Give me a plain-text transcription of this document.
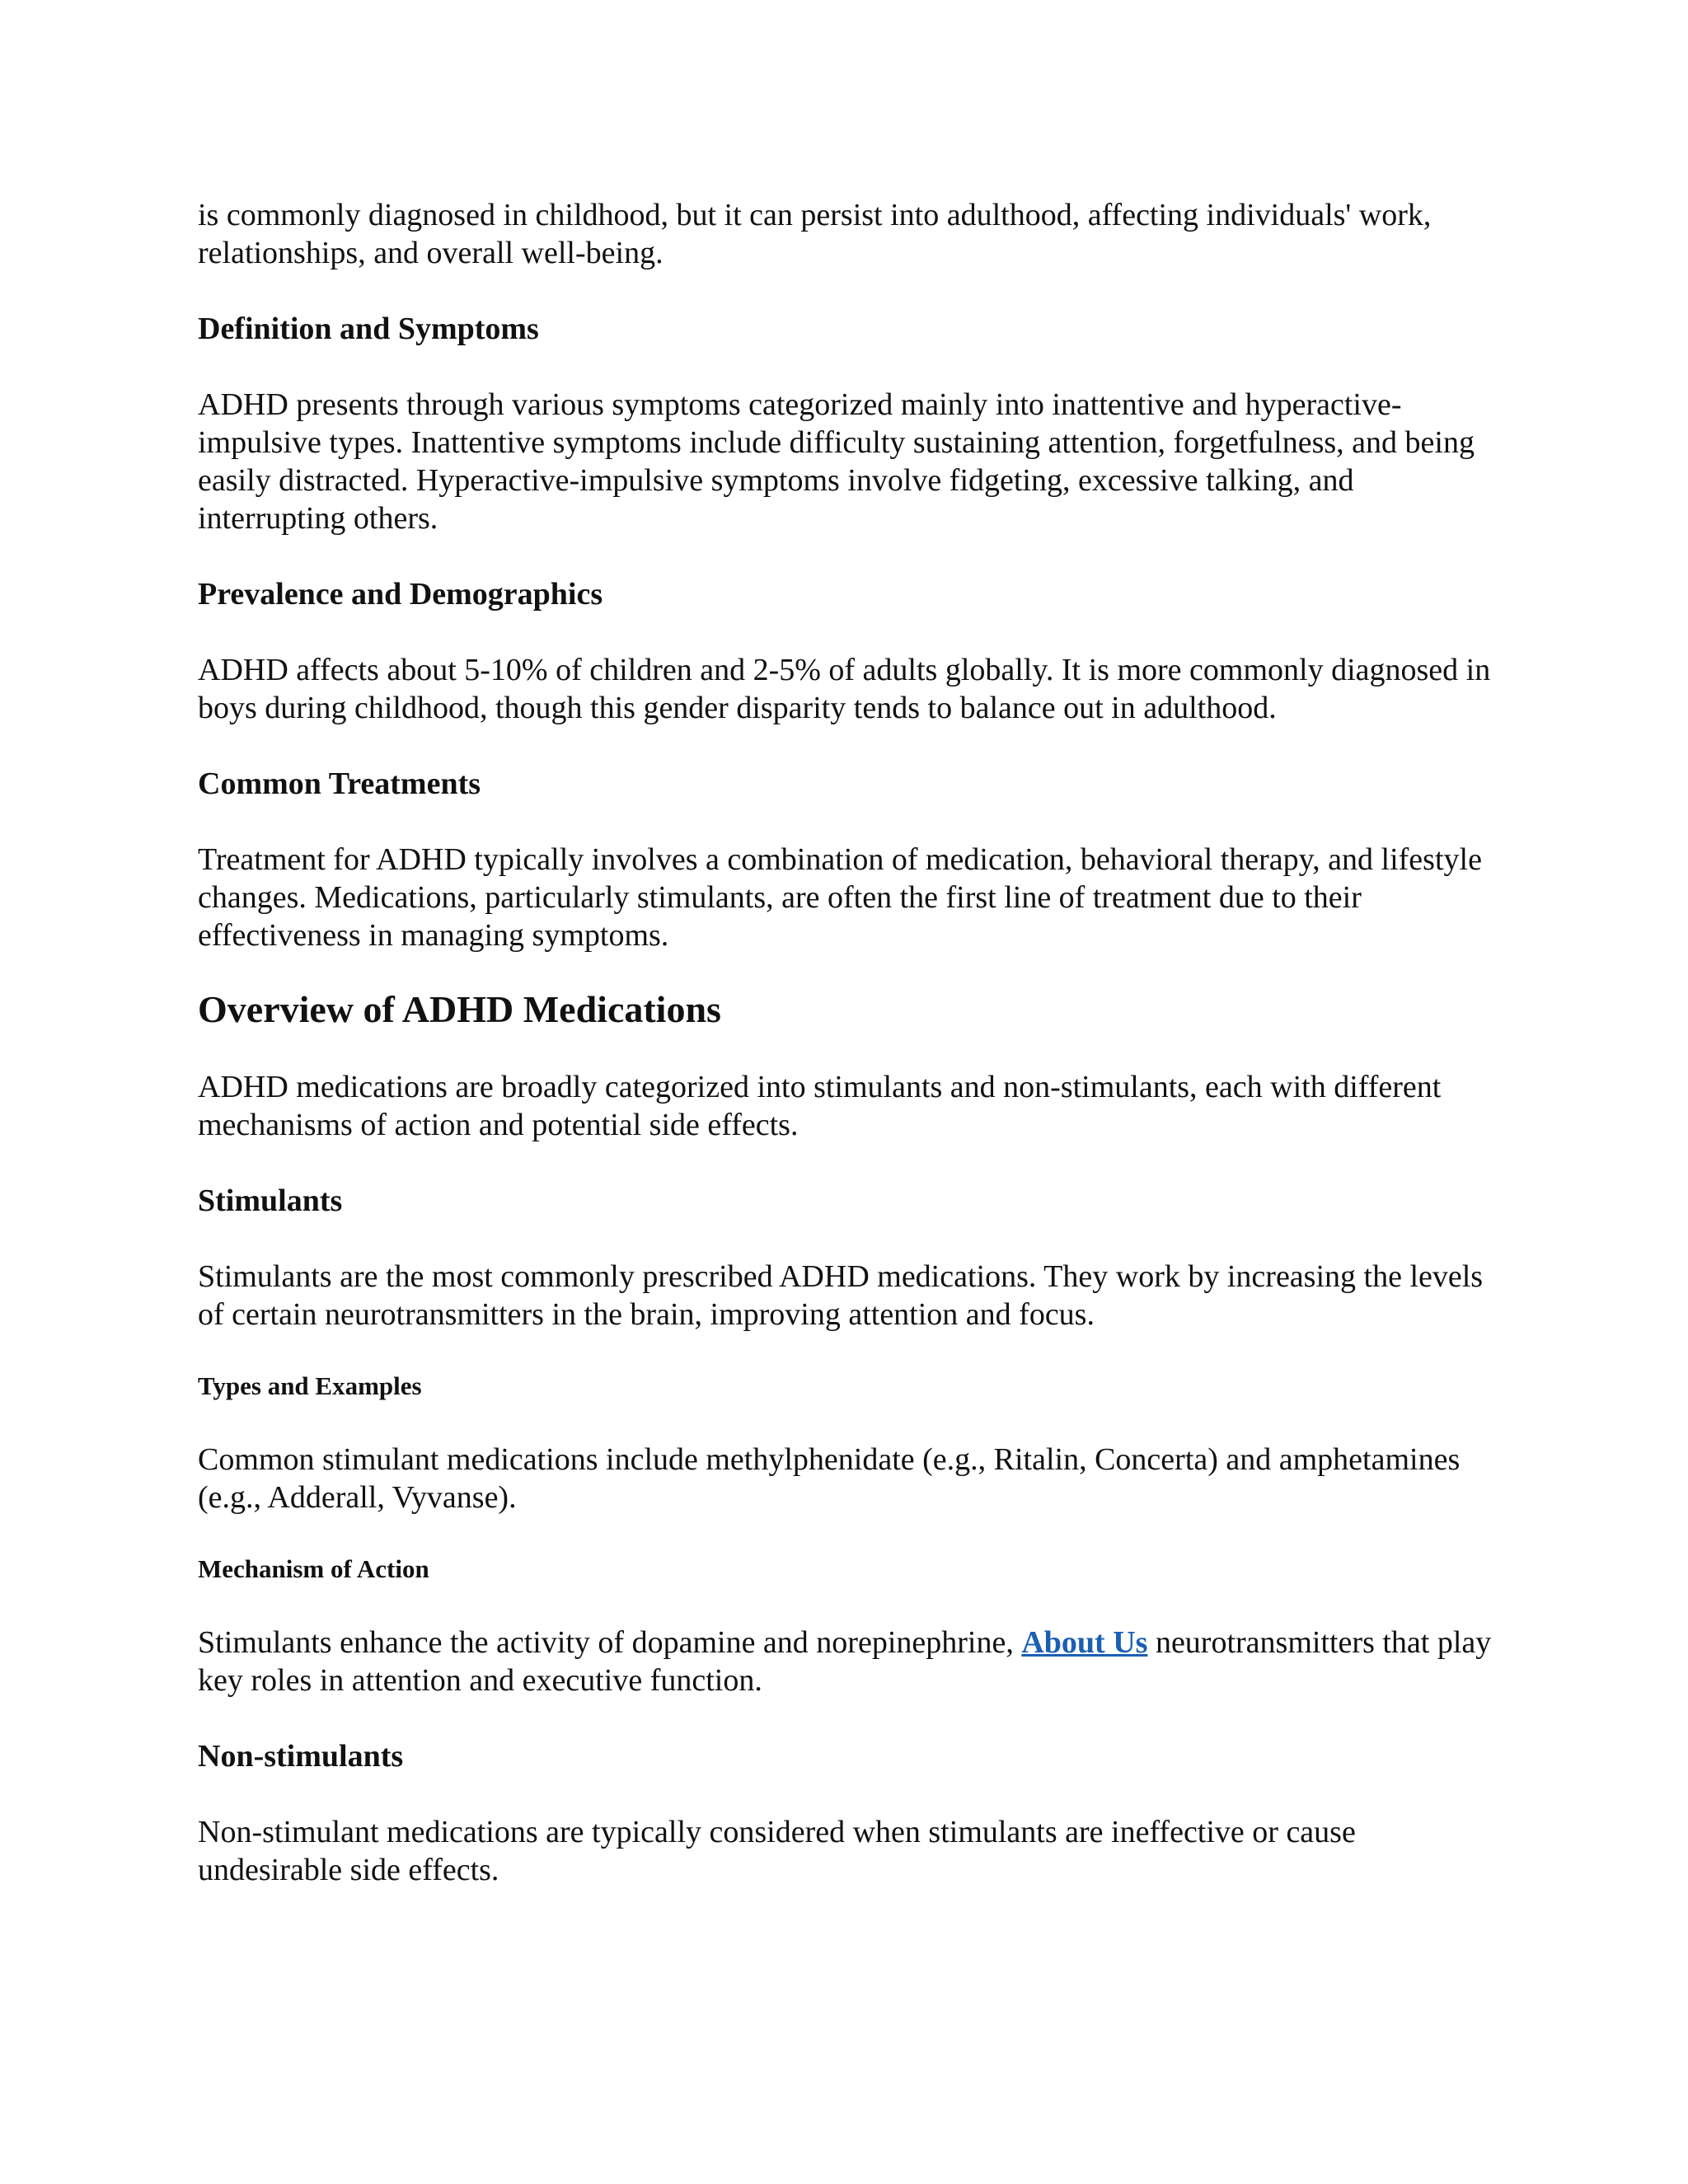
is commonly diagnosed in childhood, but it can persist into adulthood, affecting individuals' work, relationships, and overall well-being.

Definition and Symptoms

ADHD presents through various symptoms categorized mainly into inattentive and hyperactive-impulsive types. Inattentive symptoms include difficulty sustaining attention, forgetfulness, and being easily distracted. Hyperactive-impulsive symptoms involve fidgeting, excessive talking, and interrupting others.

Prevalence and Demographics

ADHD affects about 5-10% of children and 2-5% of adults globally. It is more commonly diagnosed in boys during childhood, though this gender disparity tends to balance out in adulthood.

Common Treatments

Treatment for ADHD typically involves a combination of medication, behavioral therapy, and lifestyle changes. Medications, particularly stimulants, are often the first line of treatment due to their effectiveness in managing symptoms.

Overview of ADHD Medications

ADHD medications are broadly categorized into stimulants and non-stimulants, each with different mechanisms of action and potential side effects.

Stimulants

Stimulants are the most commonly prescribed ADHD medications. They work by increasing the levels of certain neurotransmitters in the brain, improving attention and focus.

Types and Examples

Common stimulant medications include methylphenidate (e.g., Ritalin, Concerta) and amphetamines (e.g., Adderall, Vyvanse).

Mechanism of Action

Stimulants enhance the activity of dopamine and norepinephrine, About Us neurotransmitters that play key roles in attention and executive function.

Non-stimulants

Non-stimulant medications are typically considered when stimulants are ineffective or cause undesirable side effects.
